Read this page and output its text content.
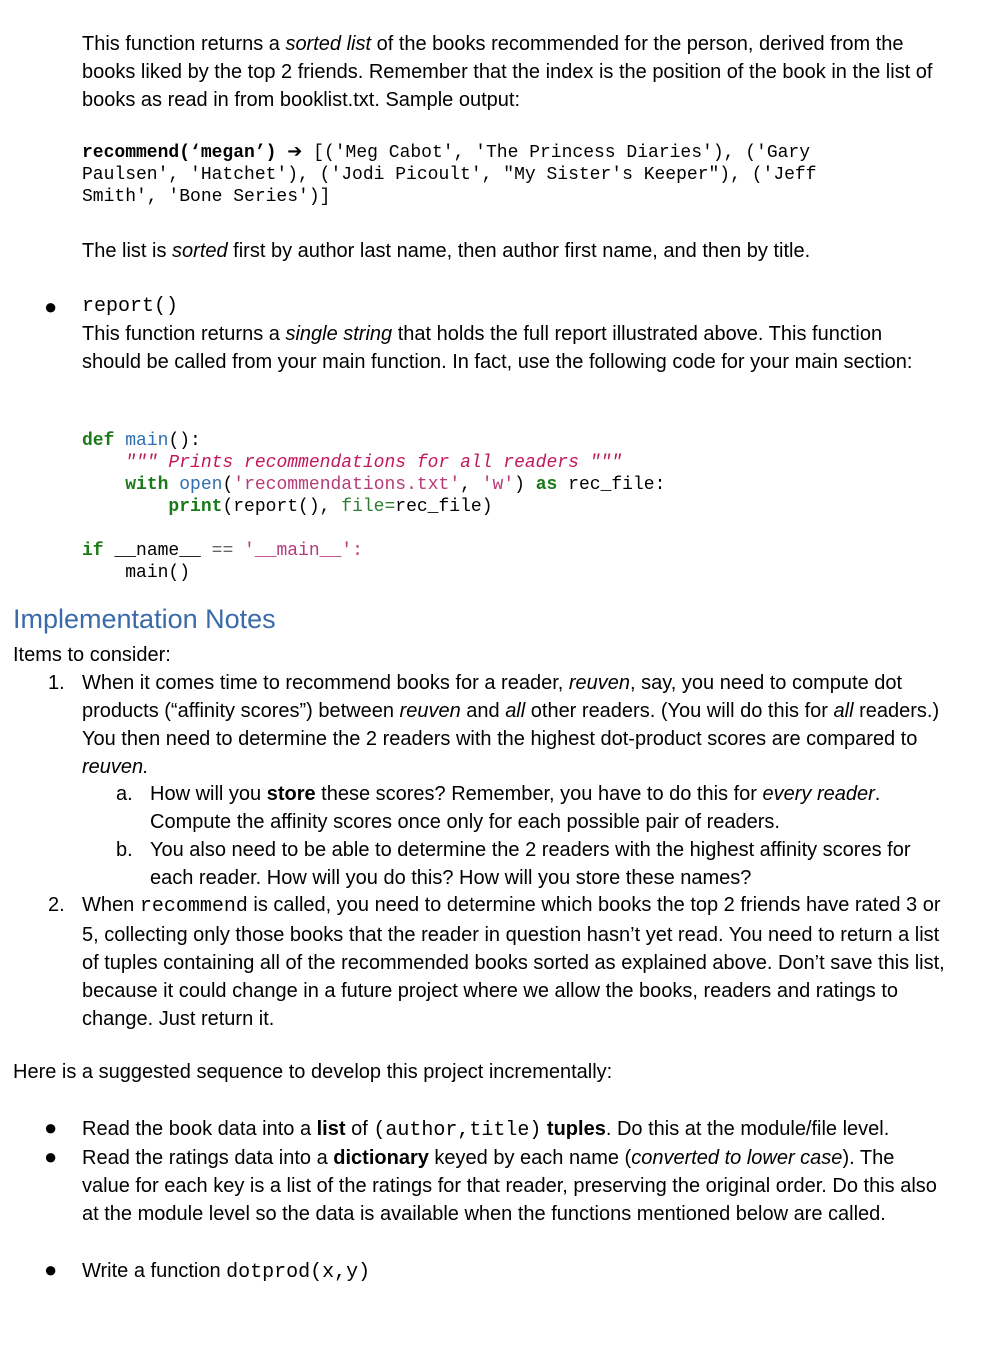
This function returns a sorted list of the books recommended for the person, derived from the books liked by the top 2 friends. Remember that the index is the position of the book in the list of books as read in from booklist.txt. Sample output:
recommend(‘megan’) ➔ [('Meg Cabot', 'The Princess Diaries'), ('Gary
Paulsen', 'Hatchet'), ('Jodi Picoult', "My Sister's Keeper"), ('Jeff
Smith', 'Bone Series')]
The list is sorted first by author last name, then author first name, and then by title.
● report()
This function returns a single string that holds the full report illustrated above. This function should be called from your main function. In fact, use the following code for your main section:
def main():
""" Prints recommendations for all readers """
with open('recommendations.txt', 'w') as rec_file:
print(report(), file=rec_file)

if __name__ == '__main__':
main()
Implementation Notes
Items to consider:
1. When it comes time to recommend books for a reader, reuven, say, you need to compute dot products (“affinity scores”) between reuven and all other readers. (You will do this for all readers.) You then need to determine the 2 readers with the highest dot-product scores are compared to reuven.
a. How will you store these scores? Remember, you have to do this for every reader. Compute the affinity scores once only for each possible pair of readers.
b. You also need to be able to determine the 2 readers with the highest affinity scores for each reader. How will you do this? How will you store these names?
2. When recommend is called, you need to determine which books the top 2 friends have rated 3 or 5, collecting only those books that the reader in question hasn’t yet read. You need to return a list of tuples containing all of the recommended books sorted as explained above. Don’t save this list, because it could change in a future project where we allow the books, readers and ratings to change. Just return it.
Here is a suggested sequence to develop this project incrementally:
● Read the book data into a list of (author,title) tuples. Do this at the module/file level.
● Read the ratings data into a dictionary keyed by each name (converted to lower case). The value for each key is a list of the ratings for that reader, preserving the original order. Do this also at the module level so the data is available when the functions mentioned below are called.
● Write a function dotprod(x,y)
